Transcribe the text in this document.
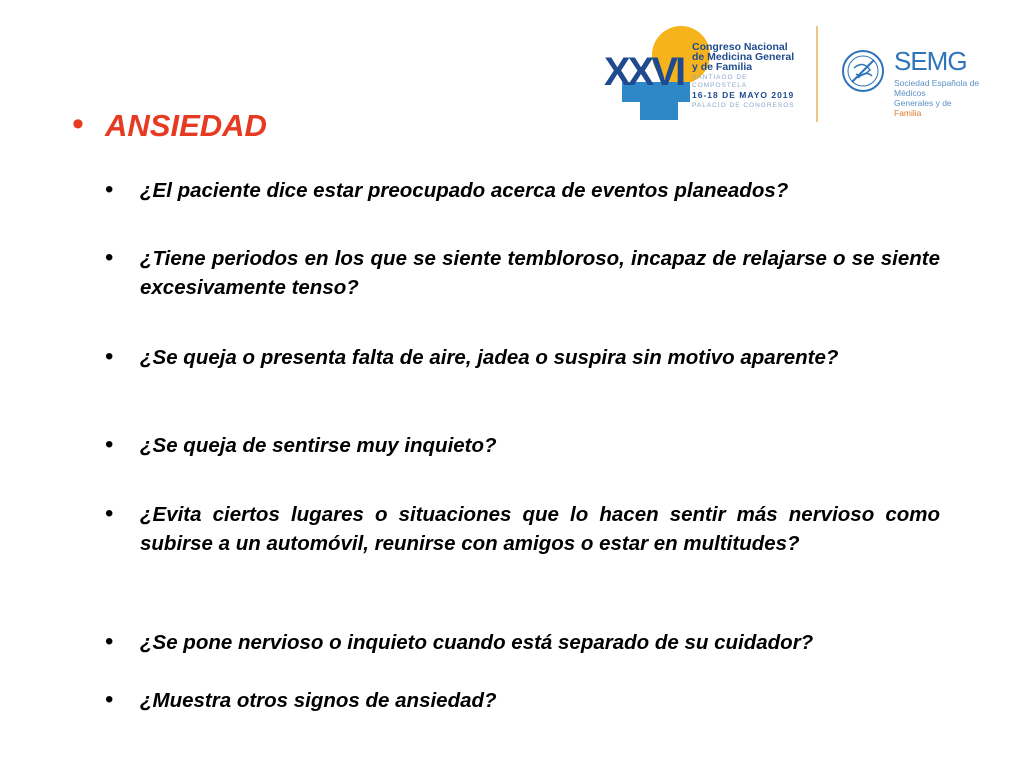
XXVI
Congreso Nacional
de Medicina General
y de Familia
SANTIAGO DE COMPOSTELA
16-18 DE MAYO 2019
PALACIO DE CONGRESOS
SEMG
Sociedad Española de Médicos
Generales y de Familia
• ANSIEDAD
• ¿El paciente dice estar preocupado acerca de eventos planeados?
• ¿Tiene periodos en los que se siente tembloroso, incapaz de relajarse o se siente excesivamente tenso?
• ¿Se queja o presenta falta de aire, jadea o suspira sin motivo aparente?
• ¿Se queja de sentirse muy inquieto?
• ¿Evita ciertos lugares o situaciones que lo hacen sentir más nervioso como subirse a un automóvil, reunirse con amigos o estar en multitudes?
• ¿Se pone nervioso o inquieto cuando está separado de su cuidador?
• ¿Muestra otros signos de ansiedad?
